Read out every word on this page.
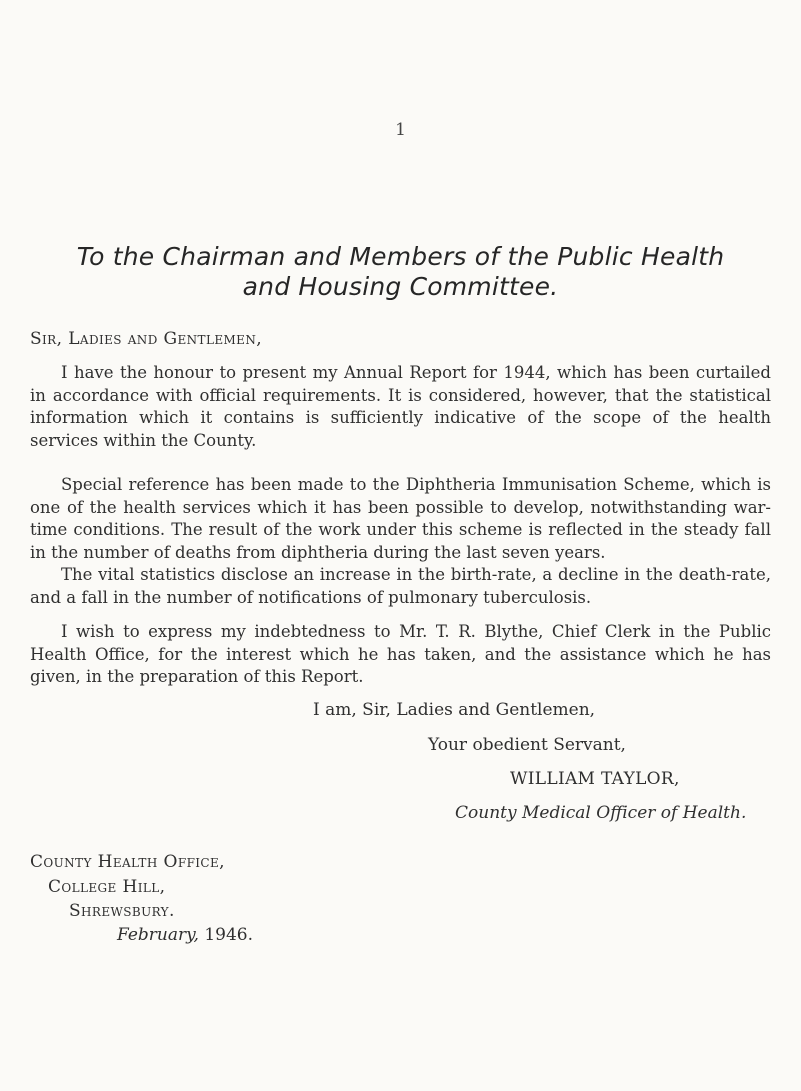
1
To the Chairman and Members of the Public Health
and Housing Committee.
Sir, Ladies and Gentlemen,

I have the honour to present my Annual Report for 1944, which has been curtailed in accordance with official requirements. It is considered, however, that the statistical information which it contains is sufficiently indicative of the scope of the health services within the County.

Special reference has been made to the Diphtheria Immunisation Scheme, which is one of the health services which it has been possible to develop, notwithstanding war-time conditions. The result of the work under this scheme is reflected in the steady fall in the number of deaths from diphtheria during the last seven years.

The vital statistics disclose an increase in the birth-rate, a decline in the death-rate, and a fall in the number of notifications of pulmonary tuberculosis.

I wish to express my indebtedness to Mr. T. R. Blythe, Chief Clerk in the Public Health Office, for the interest which he has taken, and the assistance which he has given, in the preparation of this Report.

I am, Sir, Ladies and Gentlemen,
Your obedient Servant,
WILLIAM TAYLOR,
County Medical Officer of Health.
County Health Office,
College Hill,
Shrewsbury.
February, 1946.
